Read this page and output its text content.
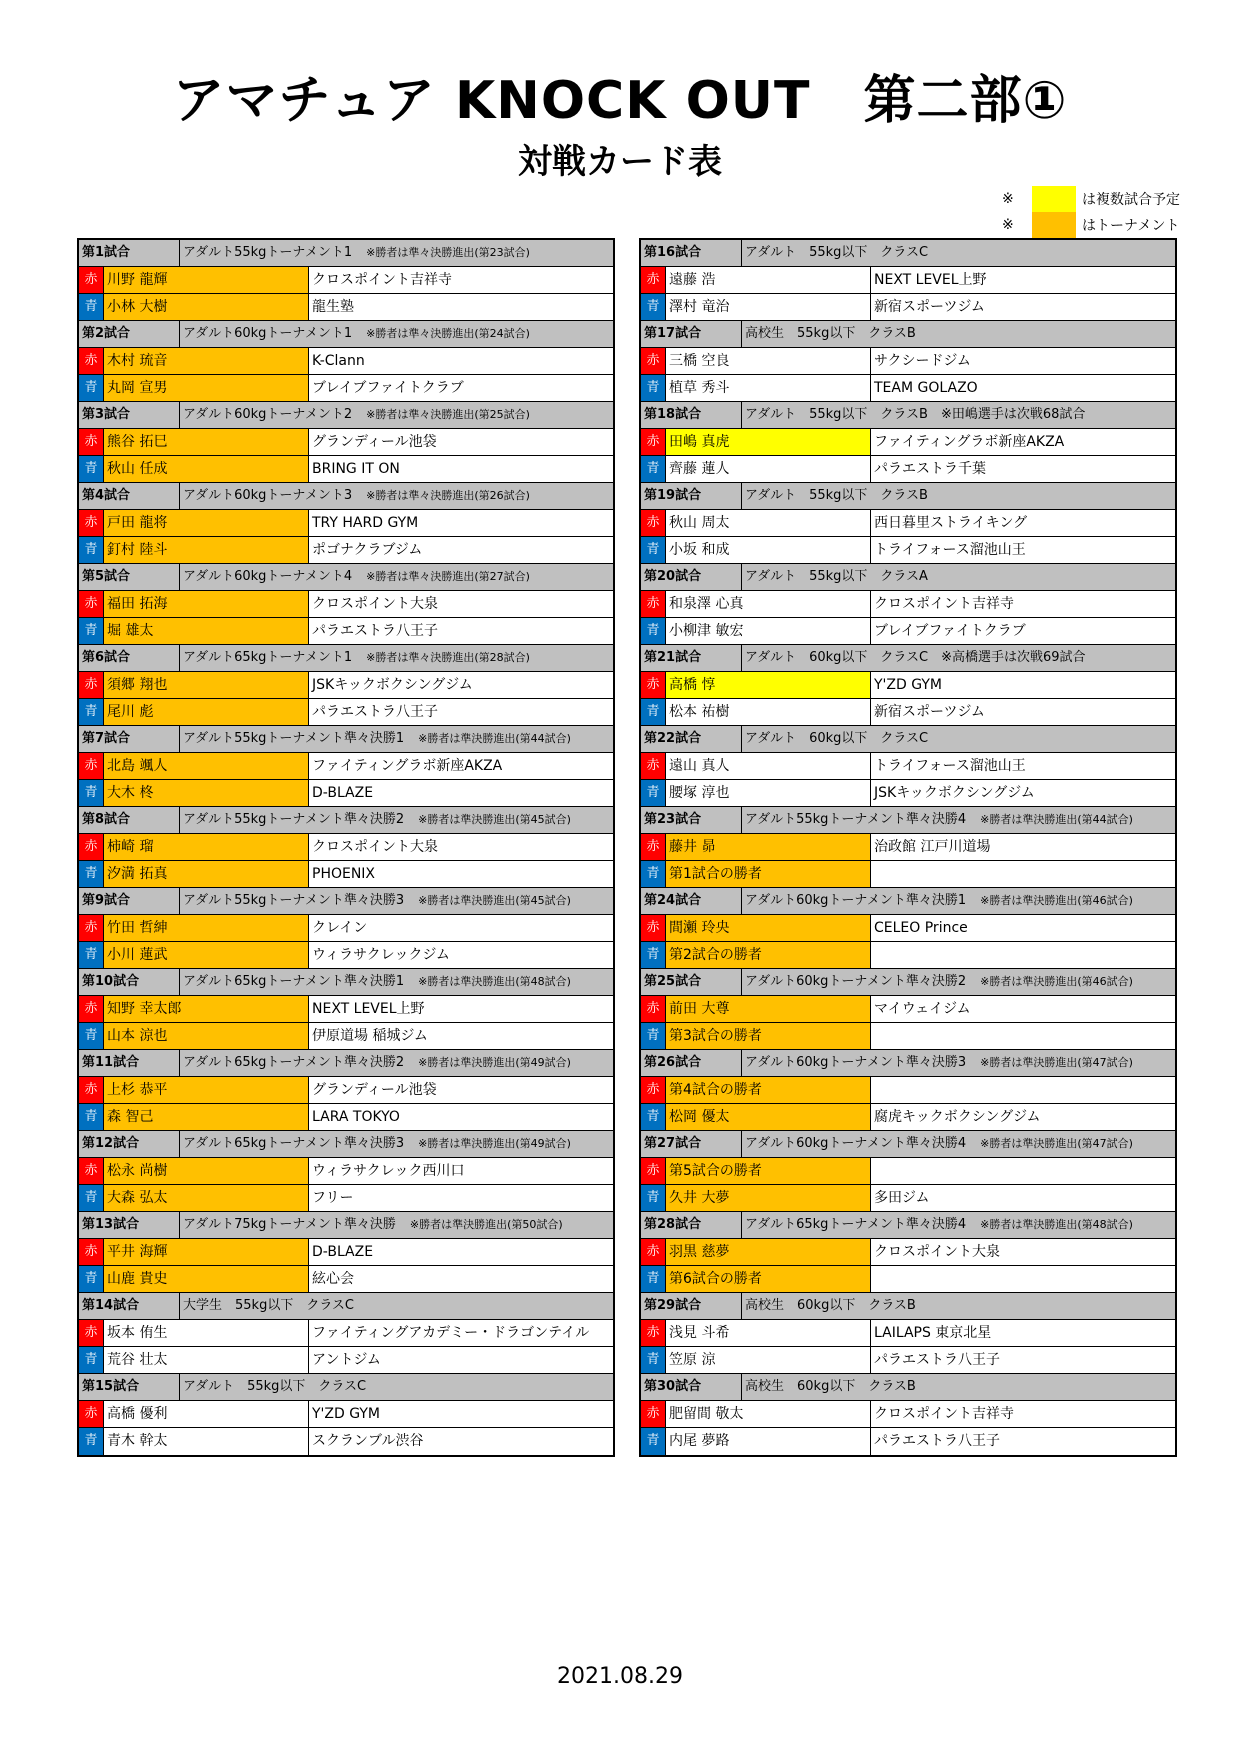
アマチュア KNOCK OUT　第二部①
対戦カード表
※	は複数試合予定
※	はトーナメント
第1試合	アダルト55kgトーナメント1 ※勝者は準々決勝進出(第23試合)
赤 川野 龍輝	クロスポイント吉祥寺
青 小林 大樹	龍生塾
第2試合	アダルト60kgトーナメント1 ※勝者は準々決勝進出(第24試合)
赤 木村 琉音	K-Clann
青 丸岡 宣男	ブレイブファイトクラブ
第3試合	アダルト60kgトーナメント2 ※勝者は準々決勝進出(第25試合)
赤 熊谷 拓巳	グランディール池袋
青 秋山 任成	BRING IT ON
第4試合	アダルト60kgトーナメント3 ※勝者は準々決勝進出(第26試合)
赤 戸田 龍将	TRY HARD GYM
青 釘村 陸斗	ポゴナクラブジム
第5試合	アダルト60kgトーナメント4 ※勝者は準々決勝進出(第27試合)
赤 福田 拓海	クロスポイント大泉
青 堀 雄太	パラエストラ八王子
第6試合	アダルト65kgトーナメント1 ※勝者は準々決勝進出(第28試合)
赤 須郷 翔也	JSKキックボクシングジム
青 尾川 彪	パラエストラ八王子
第7試合	アダルト55kgトーナメント準々決勝1 ※勝者は準決勝進出(第44試合)
赤 北島 颯人	ファイティングラボ新座AKZA
青 大木 柊	D-BLAZE
第8試合	アダルト55kgトーナメント準々決勝2 ※勝者は準決勝進出(第45試合)
赤 柿崎 瑠	クロスポイント大泉
青 汐満 拓真	PHOENIX
第9試合	アダルト55kgトーナメント準々決勝3 ※勝者は準決勝進出(第45試合)
赤 竹田 哲紳	クレイン
青 小川 蓮武	ウィラサクレックジム
第10試合	アダルト65kgトーナメント準々決勝1 ※勝者は準決勝進出(第48試合)
赤 知野 幸太郎	NEXT LEVEL上野
青 山本 涼也	伊原道場 稲城ジム
第11試合	アダルト65kgトーナメント準々決勝2 ※勝者は準決勝進出(第49試合)
赤 上杉 恭平	グランディール池袋
青 森 智己	LARA TOKYO
第12試合	アダルト65kgトーナメント準々決勝3 ※勝者は準決勝進出(第49試合)
赤 松永 尚樹	ウィラサクレック西川口
青 大森 弘太	フリー
第13試合	アダルト75kgトーナメント準々決勝 ※勝者は準決勝進出(第50試合)
赤 平井 海輝	D-BLAZE
青 山鹿 貴史	絃心会
第14試合	大学生　55kg以下　クラスC
赤 坂本 侑生	ファイティングアカデミー・ドラゴンテイル
青 荒谷 壮太	アントジム
第15試合	アダルト　55kg以下　クラスC
赤 高橋 優利	Y'ZD GYM
青 青木 幹太	スクランブル渋谷
第16試合	アダルト　55kg以下　クラスC
赤 遠藤 浩	NEXT LEVEL上野
青 澤村 竜治	新宿スポーツジム
第17試合	高校生　55kg以下　クラスB
赤 三橋 空良	サクシードジム
青 植草 秀斗	TEAM GOLAZO
第18試合	アダルト　55kg以下　クラスB　※田嶋選手は次戦68試合
赤 田嶋 真虎	ファイティングラボ新座AKZA
青 齊藤 蓮人	パラエストラ千葉
第19試合	アダルト　55kg以下　クラスB
赤 秋山 周太	西日暮里ストライキング
青 小坂 和成	トライフォース溜池山王
第20試合	アダルト　55kg以下　クラスA
赤 和泉澤 心真	クロスポイント吉祥寺
青 小柳津 敏宏	ブレイブファイトクラブ
第21試合	アダルト　60kg以下　クラスC　※高橋選手は次戦69試合
赤 高橋 惇	Y'ZD GYM
青 松本 祐樹	新宿スポーツジム
第22試合	アダルト　60kg以下　クラスC
赤 遠山 真人	トライフォース溜池山王
青 腰塚 淳也	JSKキックボクシングジム
第23試合	アダルト55kgトーナメント準々決勝4 ※勝者は準決勝進出(第44試合)
赤 藤井 昴	治政館 江戸川道場
青 第1試合の勝者
第24試合	アダルト60kgトーナメント準々決勝1 ※勝者は準決勝進出(第46試合)
赤 間瀬 玲央	CELEO Prince
青 第2試合の勝者
第25試合	アダルト60kgトーナメント準々決勝2 ※勝者は準決勝進出(第46試合)
赤 前田 大尊	マイウェイジム
青 第3試合の勝者
第26試合	アダルト60kgトーナメント準々決勝3 ※勝者は準決勝進出(第47試合)
赤 第4試合の勝者
青 松岡 優太	腐虎キックボクシングジム
第27試合	アダルト60kgトーナメント準々決勝4 ※勝者は準決勝進出(第47試合)
赤 第5試合の勝者
青 久井 大夢	多田ジム
第28試合	アダルト65kgトーナメント準々決勝4 ※勝者は準決勝進出(第48試合)
赤 羽黒 慈夢	クロスポイント大泉
青 第6試合の勝者
第29試合	高校生　60kg以下　クラスB
赤 浅見 斗希	LAILAPS 東京北星
青 笠原 涼	パラエストラ八王子
第30試合	高校生　60kg以下　クラスB
赤 肥留間 敬太	クロスポイント吉祥寺
青 内尾 夢路	パラエストラ八王子
2021.08.29
